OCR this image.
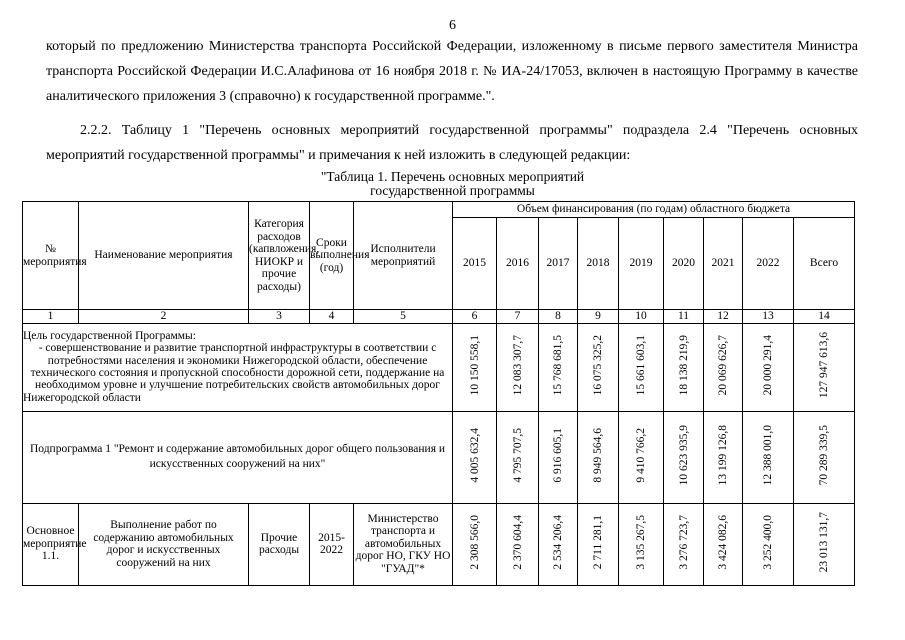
6
который по предложению Министерства транспорта Российской Федерации, изложенному в письме первого заместителя Министра транспорта Российской Федерации И.С.Алафинова от 16 ноября 2018 г. № ИА-24/17053, включен в настоящую Программу в качестве аналитического приложения 3 (справочно) к государственной программе.".
2.2.2. Таблицу 1 "Перечень основных мероприятий государственной программы" подраздела 2.4 "Перечень основных мероприятий государственной программы" и примечания к ней изложить в следующей редакции:
"Таблица 1. Перечень основных мероприятий
государственной программы
№ мероприятия	Наименование мероприятия	Категория расходов (капвложения, НИОКР и прочие расходы)	Сроки выполнения (год)	Исполнители мероприятий	Объем финансирования (по годам) областного бюджета								
					2015	2016	2017	2018	2019	2020	2021	2022	Всего
1	2	3	4	5	6	7	8	9	10	11	12	13	14
Цель государственной Программы:
- совершенствование и развитие транспортной инфраструктуры в соответствии с потребностями населения и экономики Нижегородской области, обеспечение технического состояния и пропускной способности дорожной сети, поддержание на необходимом уровне и улучшение потребительских свойств автомобильных дорог Нижегородской области					10 150 558,1	12 083 307,7	15 768 681,5	16 075 325,2	15 661 603,1	18 138 219,9	20 069 626,7	20 000 291,4	127 947 613,6
Подпрограмма 1 "Ремонт и содержание автомобильных дорог общего пользования и искусственных сооружений на них"					4 005 632,4	4 795 707,5	6 916 605,1	8 949 564,6	9 410 766,2	10 623 935,9	13 199 126,8	12 388 001,0	70 289 339,5
Основное мероприятие 1.1.	Выполнение работ по содержанию автомобильных дорог и искусственных сооружений на них	Прочие расходы	2015-2022	Министерство транспорта и автомобильных дорог НО, ГКУ НО "ГУАД"*	2 308 566,0	2 370 604,4	2 534 206,4	2 711 281,1	3 135 267,5	3 276 723,7	3 424 082,6	3 252 400,0	23 013 131,7
